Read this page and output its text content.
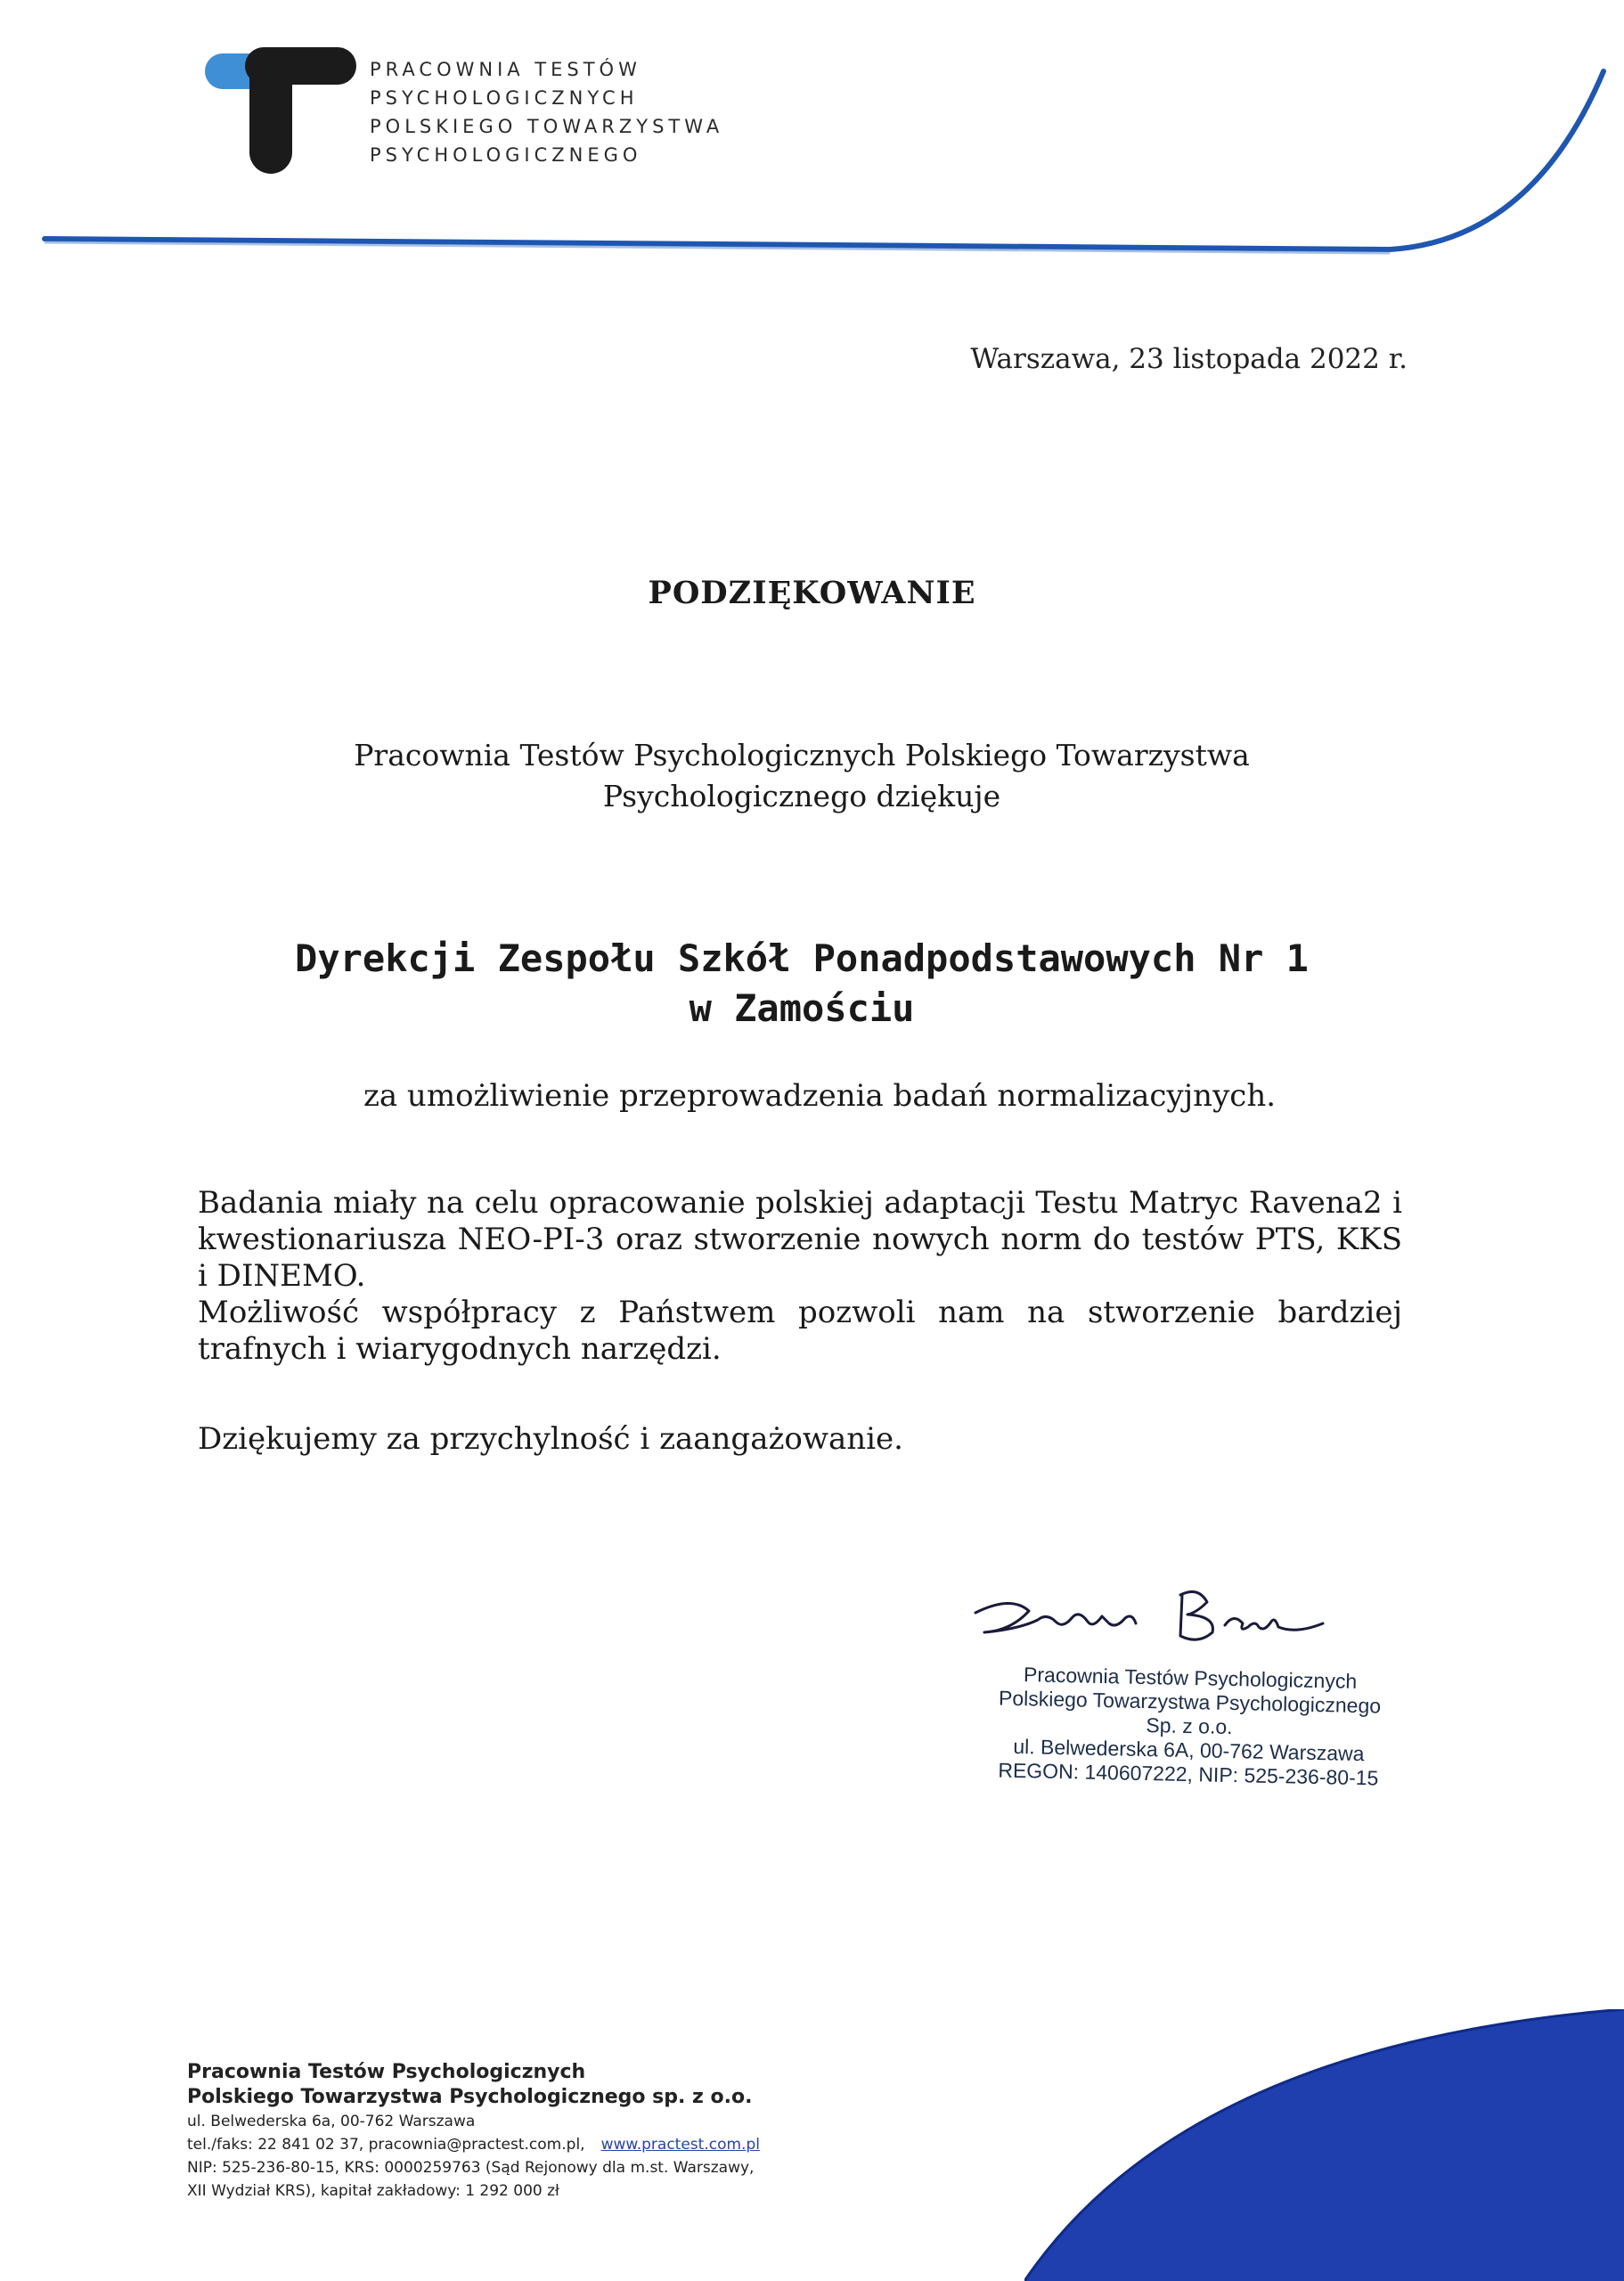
PRACOWNIA TESTÓW
PSYCHOLOGICZNYCH
POLSKIEGO TOWARZYSTWA
PSYCHOLOGICZNEGO
Warszawa, 23 listopada 2022 r.
PODZIĘKOWANIE
Pracownia Testów Psychologicznych Polskiego Towarzystwa
Psychologicznego dziękuje
Dyrekcji Zespołu Szkół Ponadpodstawowych Nr 1
w Zamościu
za umożliwienie przeprowadzenia badań normalizacyjnych.

Badania miały na celu opracowanie polskiej adaptacji Testu Matryc Ravena2 i kwestionariusza NEO-PI-3 oraz stworzenie nowych norm do testów PTS, KKS i DINEMO.

Możliwość współpracy z Państwem pozwoli nam na stworzenie bardziej trafnych i wiarygodnych narzędzi.

Dziękujemy za przychylność i zaangażowanie.
Pracownia Testów Psychologicznych
Polskiego Towarzystwa Psychologicznego
Sp. z o.o.
ul. Belwederska 6A, 00-762 Warszawa
REGON: 140607222, NIP: 525-236-80-15
Pracownia Testów Psychologicznych
Polskiego Towarzystwa Psychologicznego sp. z o.o.
ul. Belwederska 6a, 00-762 Warszawa
tel./faks: 22 841 02 37, pracownia@practest.com.pl, www.practest.com.pl
NIP: 525-236-80-15, KRS: 0000259763 (Sąd Rejonowy dla m.st. Warszawy,
XII Wydział KRS), kapitał zakładowy: 1 292 000 zł
